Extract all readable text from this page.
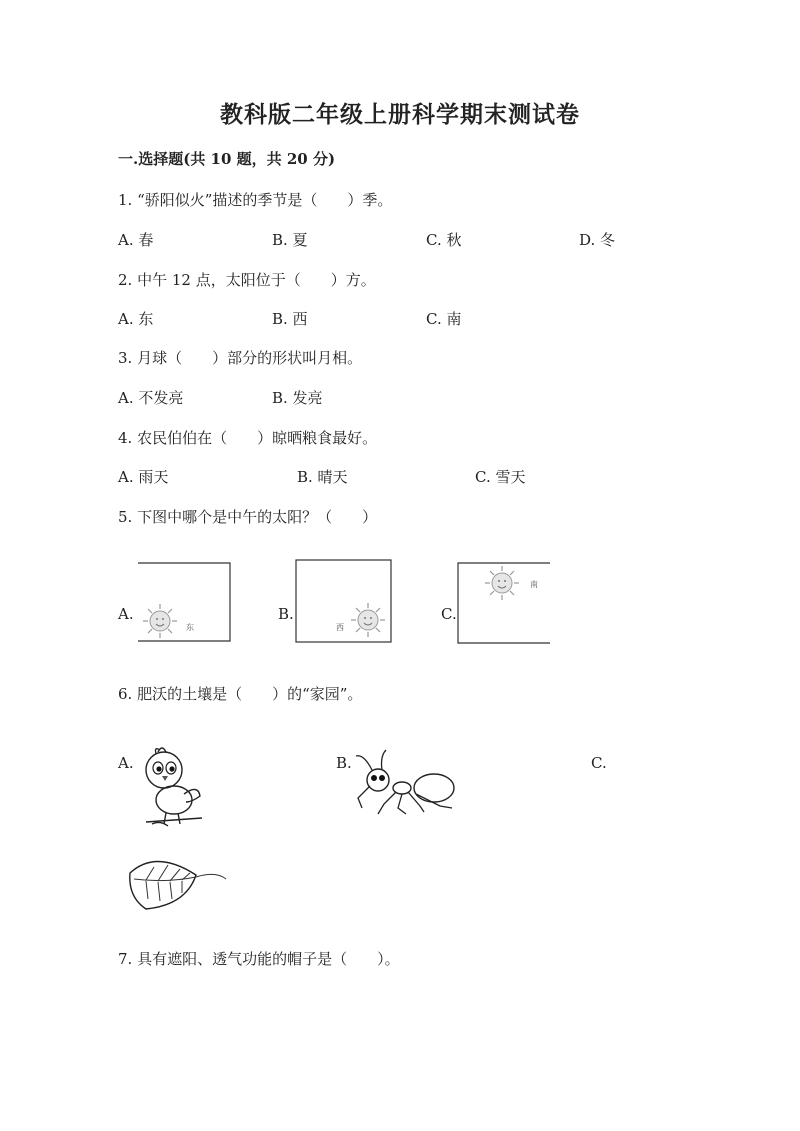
教科版二年级上册科学期末测试卷
一.选择题(共 10 题，共 20 分)
1. “骄阳似火”描述的季节是（　　）季。
A. 春	B. 夏	C. 秋	D. 冬
2. 中午 12 点，太阳位于（　　）方。
A. 东	B. 西	C. 南
3. 月球（　　）部分的形状叫月相。
A. 不发亮	B. 发亮
4. 农民伯伯在（　　）晾晒粮食最好。
A. 雨天	B. 晴天	C. 雪天
5. 下图中哪个是中午的太阳？（　　）
A.	B.	C.
东	西
南
6. 肥沃的土壤是（　　）的“家园”。
A.	B.	C.
7. 具有遮阳、透气功能的帽子是（　　）。
